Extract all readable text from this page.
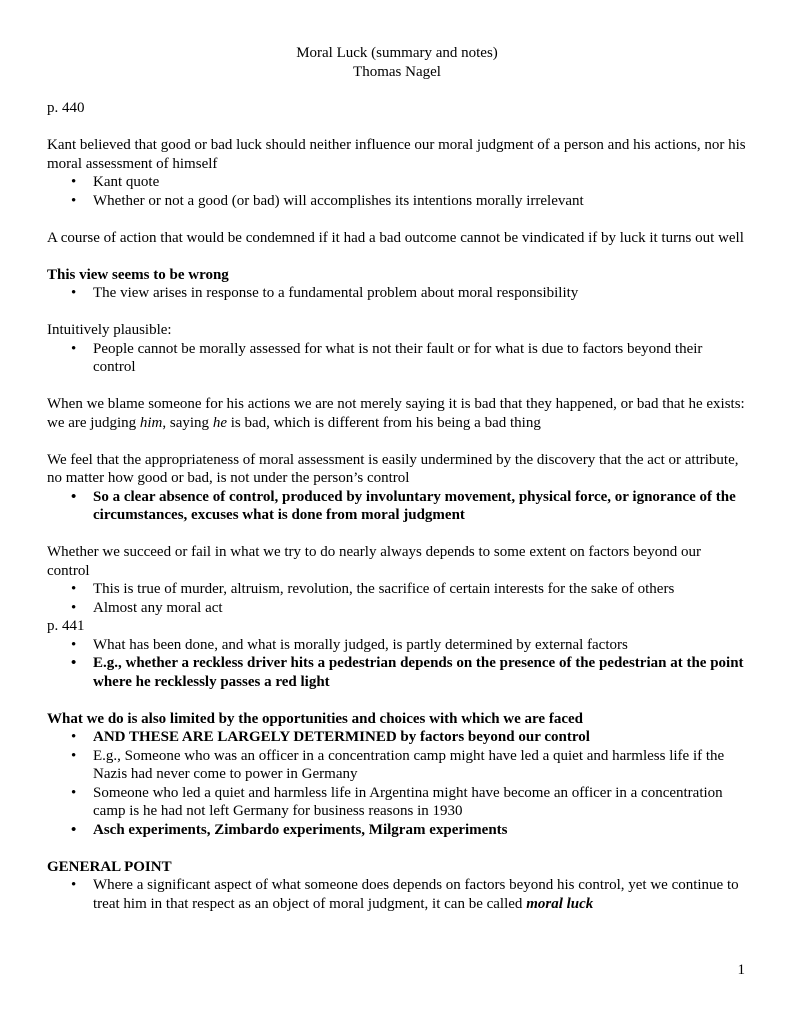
Moral Luck (summary and notes)
Thomas Nagel

p. 440

Kant believed that good or bad luck should neither influence our moral judgment of a person and his actions, nor his moral assessment of himself

• Kant quote
• Whether or not a good (or bad) will accomplishes its intentions morally irrelevant

A course of action that would be condemned if it had a bad outcome cannot be vindicated if by luck it turns out well

This view seems to be wrong

• The view arises in response to a fundamental problem about moral responsibility

Intuitively plausible:

• People cannot be morally assessed for what is not their fault or for what is due to factors beyond their control

When we blame someone for his actions we are not merely saying it is bad that they happened, or bad that he exists: we are judging him, saying he is bad, which is different from his being a bad thing

We feel that the appropriateness of moral assessment is easily undermined by the discovery that the act or attribute, no matter how good or bad, is not under the person’s control

• So a clear absence of control, produced by involuntary movement, physical force, or ignorance of the circumstances, excuses what is done from moral judgment

Whether we succeed or fail in what we try to do nearly always depends to some extent on factors beyond our control

• This is true of murder, altruism, revolution, the sacrifice of certain interests for the sake of others
• Almost any moral act

p. 441

• What has been done, and what is morally judged, is partly determined by external factors
• E.g., whether a reckless driver hits a pedestrian depends on the presence of the pedestrian at the point where he recklessly passes a red light

What we do is also limited by the opportunities and choices with which we are faced

• AND THESE ARE LARGELY DETERMINED by factors beyond our control
• E.g., Someone who was an officer in a concentration camp might have led a quiet and harmless life if the Nazis had never come to power in Germany
• Someone who led a quiet and harmless life in Argentina might have become an officer in a concentration camp is he had not left Germany for business reasons in 1930
• Asch experiments, Zimbardo experiments, Milgram experiments

GENERAL POINT

• Where a significant aspect of what someone does depends on factors beyond his control, yet we continue to treat him in that respect as an object of moral judgment, it can be called moral luck
1
